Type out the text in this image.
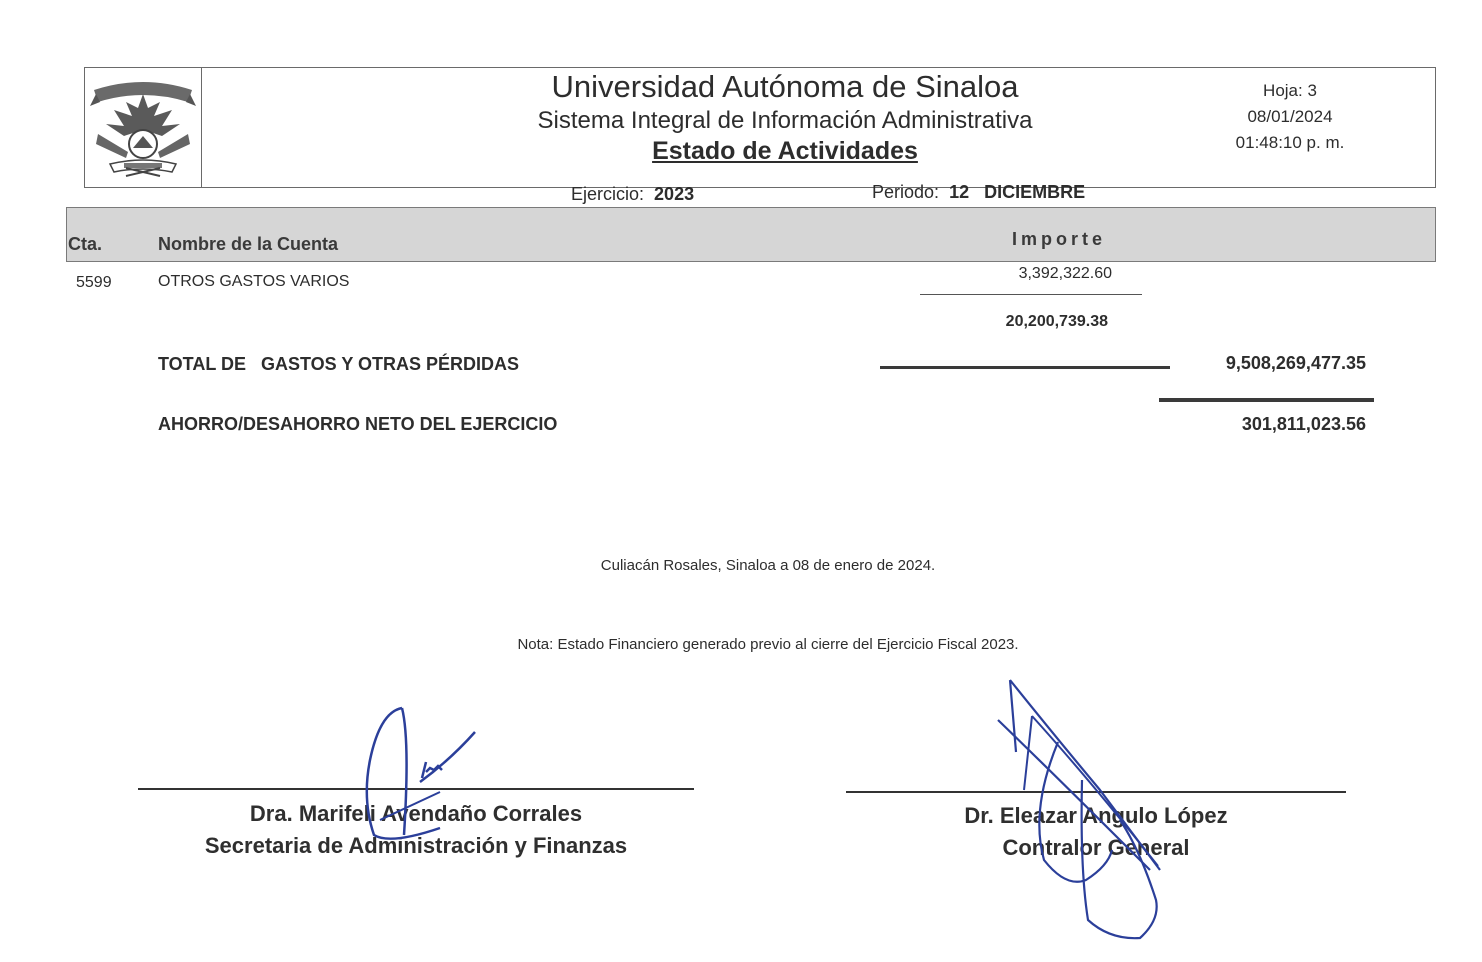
Universidad Autónoma de Sinaloa
Sistema Integral de Información Administrativa
Estado de Actividades
Hoja: 3
08/01/2024
01:48:10 p. m.
Ejercicio: 2023	Periodo: 12 DICIEMBRE
Cta.	Nombre de la Cuenta	Importe
5599	OTROS GASTOS VARIOS	3,392,322.60
20,200,739.38
TOTAL DE   GASTOS Y OTRAS PÉRDIDAS	9,508,269,477.35
AHORRO/DESAHORRO NETO DEL EJERCICIO	301,811,023.56
Culiacán Rosales, Sinaloa a 08 de enero de 2024.
Nota: Estado Financiero generado previo al cierre del Ejercicio Fiscal 2023.
Dra. Marifeli Avendaño Corrales
Secretaria de Administración y Finanzas
Dr. Eleazar Angulo López
Contralor General
